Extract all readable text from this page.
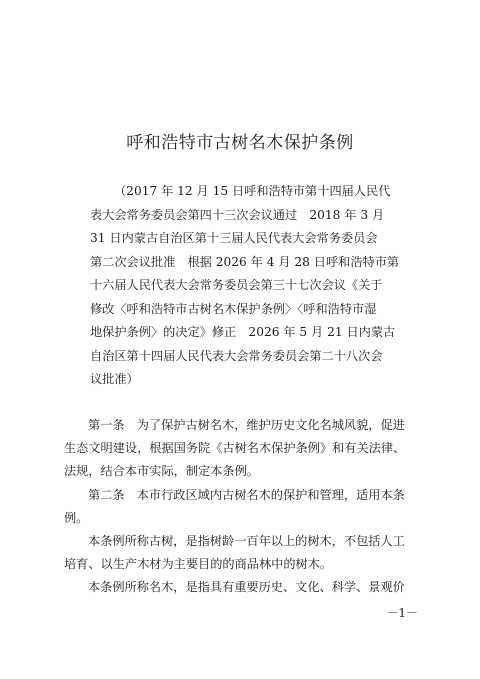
呼和浩特市古树名木保护条例
（2017 年 12 月 15 日呼和浩特市第十四届人民代
表大会常务委员会第四十三次会议通过　2018 年 3 月
31 日内蒙古自治区第十三届人民代表大会常务委员会
第二次会议批准　根据 2026 年 4 月 28 日呼和浩特市第
十六届人民代表大会常务委员会第三十七次会议《关于
修改〈呼和浩特市古树名木保护条例〉〈呼和浩特市湿
地保护条例〉的决定》修正　2026 年 5 月 21 日内蒙古
自治区第十四届人民代表大会常务委员会第二十八次会
议批准）
第一条　为了保护古树名木，维护历史文化名城风貌，促进
生态文明建设，根据国务院《古树名木保护条例》和有关法律、
法规，结合本市实际，制定本条例。
第二条　本市行政区域内古树名木的保护和管理，适用本条
例。
本条例所称古树，是指树龄一百年以上的树木，不包括人工
培育、以生产木材为主要目的的商品林中的树木。
本条例所称名木，是指具有重要历史、文化、科学、景观价
－1－
